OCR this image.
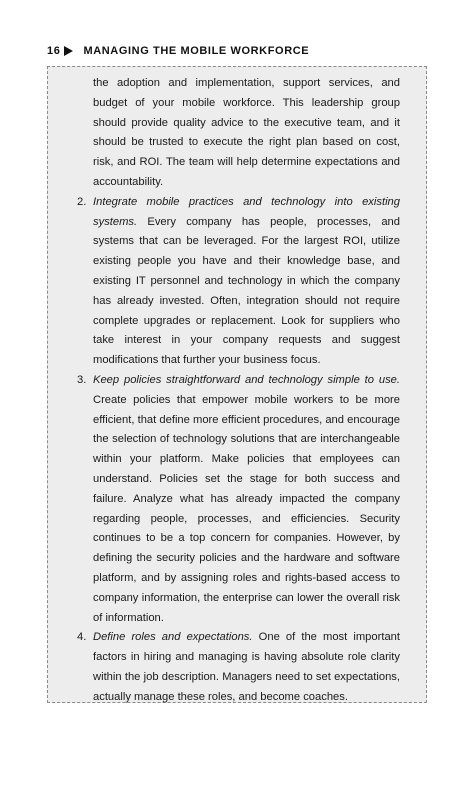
16 MANAGING THE MOBILE WORKFORCE

the adoption and implementation, support services, and budget of your mobile workforce. This leadership group should provide quality advice to the executive team, and it should be trusted to execute the right plan based on cost, risk, and ROI. The team will help determine expectations and accountability.

2. Integrate mobile practices and technology into existing systems. Every company has people, processes, and systems that can be leveraged. For the largest ROI, utilize existing people you have and their knowledge base, and existing IT personnel and technology in which the company has already invested. Often, integration should not require complete upgrades or replacement. Look for suppliers who take interest in your company requests and suggest modifications that further your business focus.

3. Keep policies straightforward and technology simple to use. Create policies that empower mobile workers to be more efficient, that define more efficient procedures, and encourage the selection of technology solutions that are interchangeable within your platform. Make policies that employees can understand. Policies set the stage for both success and failure. Analyze what has already impacted the company regarding people, processes, and efficiencies. Security continues to be a top concern for companies. However, by defining the security policies and the hardware and software platform, and by assigning roles and rights-based access to company information, the enterprise can lower the overall risk of information.

4. Define roles and expectations. One of the most important factors in hiring and managing is having absolute role clarity within the job description. Managers need to set expectations, actually manage these roles, and become coaches.
